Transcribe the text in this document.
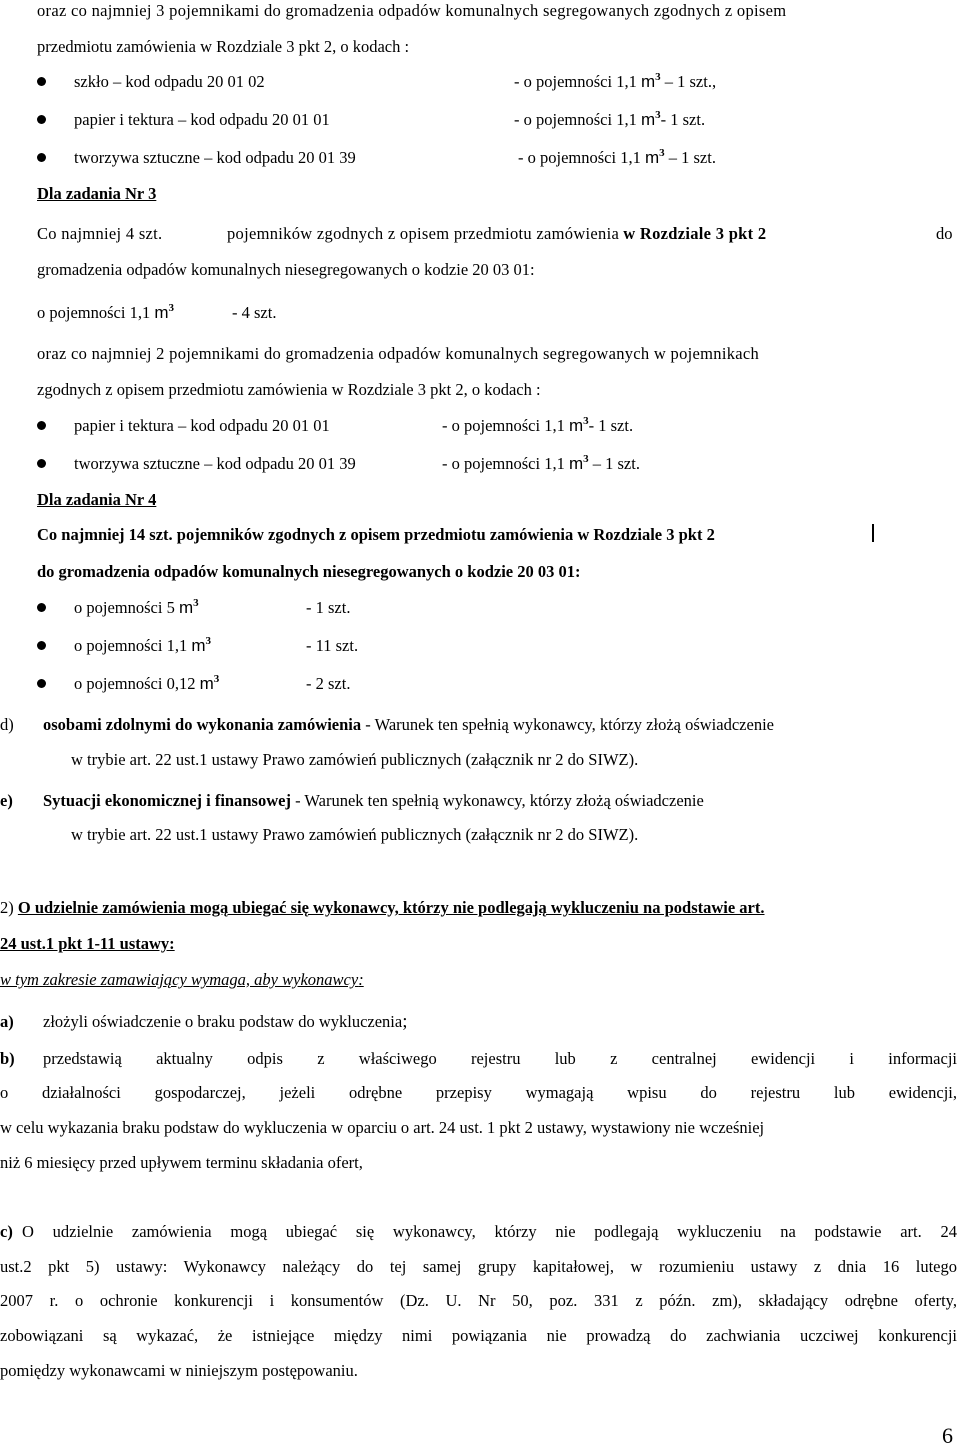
oraz co najmniej 3 pojemnikami do gromadzenia odpadów komunalnych segregowanych zgodnych z opisem
przedmiotu zamówienia w Rozdziale 3 pkt 2, o kodach :
szkło – kod odpadu 20 01 02	- o pojemności 1,1 $m^3 - 1$ szt.,
papier i tektura – kod odpadu 20 01 01	- o pojemności 1,1 $m^3-$ 1 szt.
tworzywa sztuczne – kod odpadu 20 01 39	- o pojemności 1,1 $m^3 - 1$ szt.
Dla zadania Nr 3
Co najmniej 4 szt.	pojemników zgodnych z opisem przedmiotu zamówienia w Rozdziale 3 pkt 2	do
gromadzenia odpadów komunalnych niesegregowanych o kodzie 20 03 01:
o pojemności 1,1 $m^3$	- 4 szt.
oraz co najmniej 2 pojemnikami do gromadzenia odpadów komunalnych segregowanych w pojemnikach
zgodnych z opisem przedmiotu zamówienia w Rozdziale 3 pkt 2, o kodach :
papier i tektura – kod odpadu 20 01 01	- o pojemności 1,1 $m^3-$ 1 szt.
tworzywa sztuczne – kod odpadu 20 01 39	- o pojemności 1,1 $m^3 - 1$ szt.
Dla zadania Nr 4
Co najmniej 14 szt. pojemników zgodnych z opisem przedmiotu zamówienia w Rozdziale 3 pkt 2
do gromadzenia odpadów komunalnych niesegregowanych o kodzie 20 03 01:
o pojemności 5 $m^3$	- 1 szt.
o pojemności 1,1 $m^3$	- 11 szt.
o pojemności 0,12 $m^3$	- 2 szt.
d) osobami zdolnymi do wykonania zamówienia - Warunek ten spełnią wykonawcy, którzy złożą oświadczenie
w trybie art. 22 ust.1 ustawy Prawo zamówień publicznych (załącznik nr 2 do SIWZ).
e) Sytuacji ekonomicznej i finansowej - Warunek ten spełnią wykonawcy, którzy złożą oświadczenie
w trybie art. 22 ust.1 ustawy Prawo zamówień publicznych (załącznik nr 2 do SIWZ).
2) O udzielnie zamówienia mogą ubiegać się wykonawcy, którzy nie podlegają wykluczeniu na podstawie art.
24 ust.1 pkt 1-11 ustawy:
w tym zakresie zamawiający wymaga, aby wykonawcy:
a) złożyli oświadczenie o braku podstaw do wykluczenia;
b) przedstawią aktualny odpis z właściwego rejestru lub z centralnej ewidencji i informacji
o działalności gospodarczej, jeżeli odrębne przepisy wymagają wpisu do rejestru lub ewidencji,
w celu wykazania braku podstaw do wykluczenia w oparciu o art. 24 ust. 1 pkt 2 ustawy, wystawiony nie wcześniej
niż 6 miesięcy przed upływem terminu składania ofert,
c) O udzielnie zamówienia mogą ubiegać się wykonawcy, którzy nie podlegają wykluczeniu na podstawie art. 24
ust.2 pkt 5) ustawy: Wykonawcy należący do tej samej grupy kapitałowej, w rozumieniu ustawy z dnia 16 lutego
2007 r. o ochronie konkurencji i konsumentów (Dz. U. Nr 50, poz. 331 z późn. zm), składający odrębne oferty,
zobowiązani są wykazać, że istniejące między nimi powiązania nie prowadzą do zachwiania uczciwej konkurencji
pomiędzy wykonawcami w niniejszym postępowaniu.
6
